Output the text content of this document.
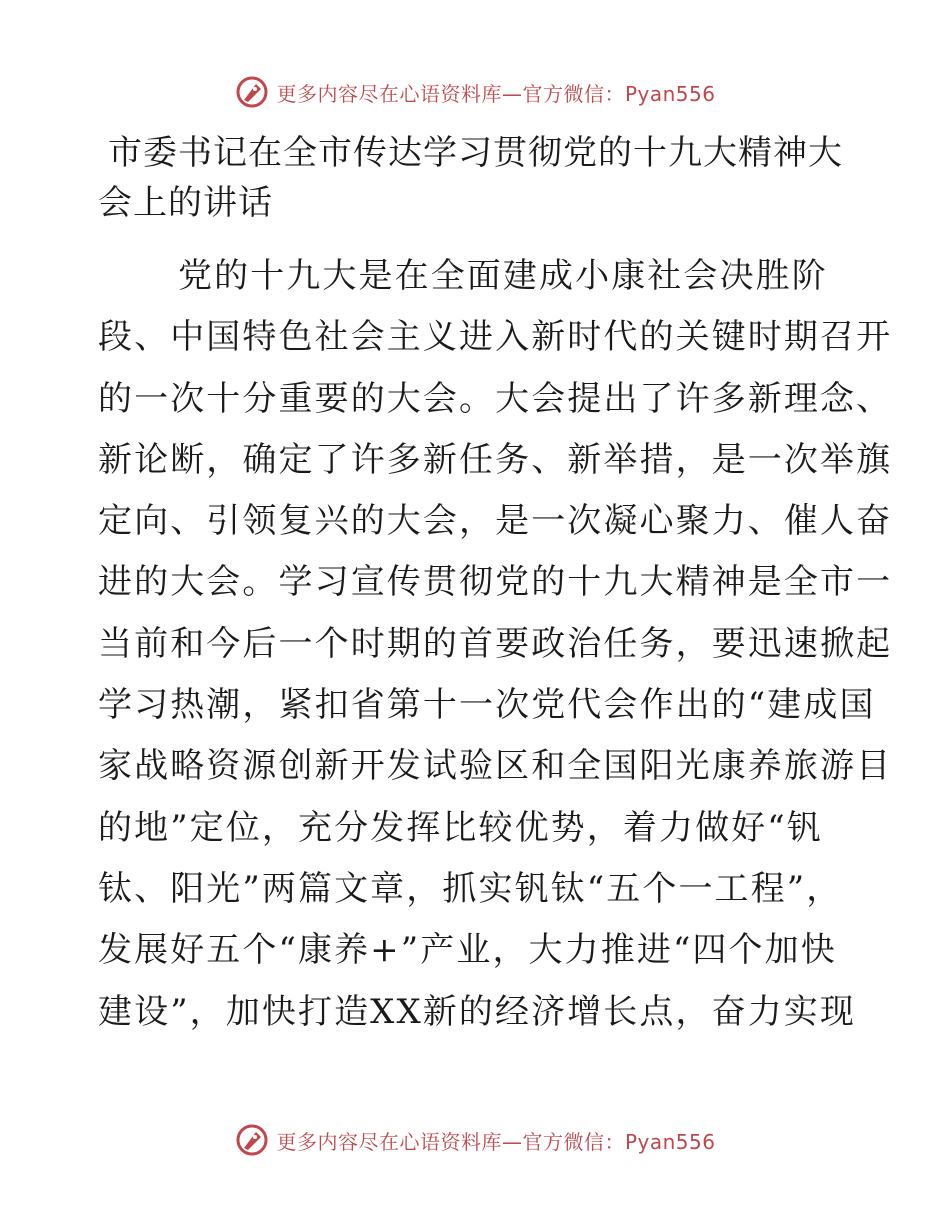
更多内容尽在心语资料库—官方微信：Pyan556
市委书记在全市传达学习贯彻党的十九大精神大
会上的讲话
党的十九大是在全面建成小康社会决胜阶
段、中国特色社会主义进入新时代的关键时期召开
的一次十分重要的大会。大会提出了许多新理念、
新论断，确定了许多新任务、新举措，是一次举旗
定向、引领复兴的大会，是一次凝心聚力、催人奋
进的大会。学习宣传贯彻党的十九大精神是全市一
当前和今后一个时期的首要政治任务，要迅速掀起
学习热潮，紧扣省第十一次党代会作出的“建成国
家战略资源创新开发试验区和全国阳光康养旅游目
的地”定位，充分发挥比较优势，着力做好“钒
钛、阳光”两篇文章，抓实钒钛“五个一工程”，
发展好五个“康养+”产业，大力推进“四个加快
建设”，加快打造XX新的经济增长点，奋力实现
更多内容尽在心语资料库—官方微信：Pyan556
